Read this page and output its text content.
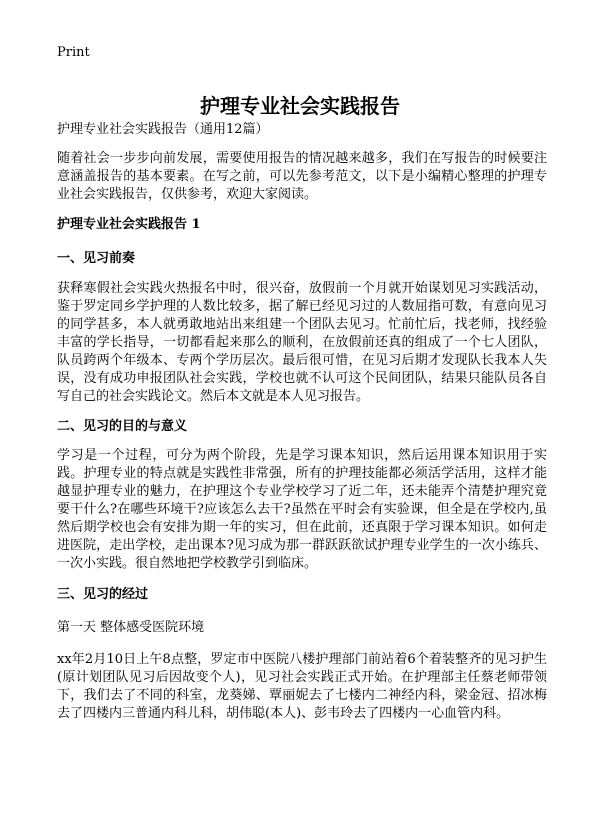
Print
护理专业社会实践报告
护理专业社会实践报告（通用12篇）

随着社会一步步向前发展，需要使用报告的情况越来越多，我们在写报告的时候要注意涵盖报告的基本要素。在写之前，可以先参考范文，以下是小编精心整理的护理专业社会实践报告，仅供参考，欢迎大家阅读。

护理专业社会实践报告 1

一、见习前奏

获释寒假社会实践火热报名中时，很兴奋，放假前一个月就开始谋划见习实践活动，鉴于罗定同乡学护理的人数比较多，据了解已经见习过的人数屈指可数，有意向见习的同学甚多，本人就勇敢地站出来组建一个团队去见习。忙前忙后，找老师，找经验丰富的学长指导，一切都看起来那么的顺利，在放假前还真的组成了一个七人团队，队员跨两个年级本、专两个学历层次。最后很可惜，在见习后期才发现队长我本人失误，没有成功申报团队社会实践，学校也就不认可这个民间团队，结果只能队员各自写自己的社会实践论文。然后本文就是本人见习报告。

二、见习的目的与意义

学习是一个过程，可分为两个阶段，先是学习课本知识，然后运用课本知识用于实践。护理专业的特点就是实践性非常强，所有的护理技能都必须活学活用，这样才能越显护理专业的魅力，在护理这个专业学校学习了近二年，还未能弄个清楚护理究竟要干什么?在哪些环境干?应该怎么去干?虽然在平时会有实验课，但全是在学校内,虽然后期学校也会有安排为期一年的实习，但在此前，还真限于学习课本知识。如何走进医院，走出学校，走出课本?见习成为那一群跃跃欲试护理专业学生的一次小练兵、一次小实践。很自然地把学校教学引到临床。

三、见习的经过

第一天 整体感受医院环境

xx年2月10日上午8点整，罗定市中医院八楼护理部门前站着6个着装整齐的见习护生(原计划团队见习后因故变个人)，见习社会实践正式开始。在护理部主任蔡老师带领下，我们去了不同的科室，龙葵娣、覃丽妮去了七楼内二神经内科，梁金冠、招冰梅去了四楼内三普通内科儿科，胡伟聪(本人)、彭韦玲去了四楼内一心血管内科。
